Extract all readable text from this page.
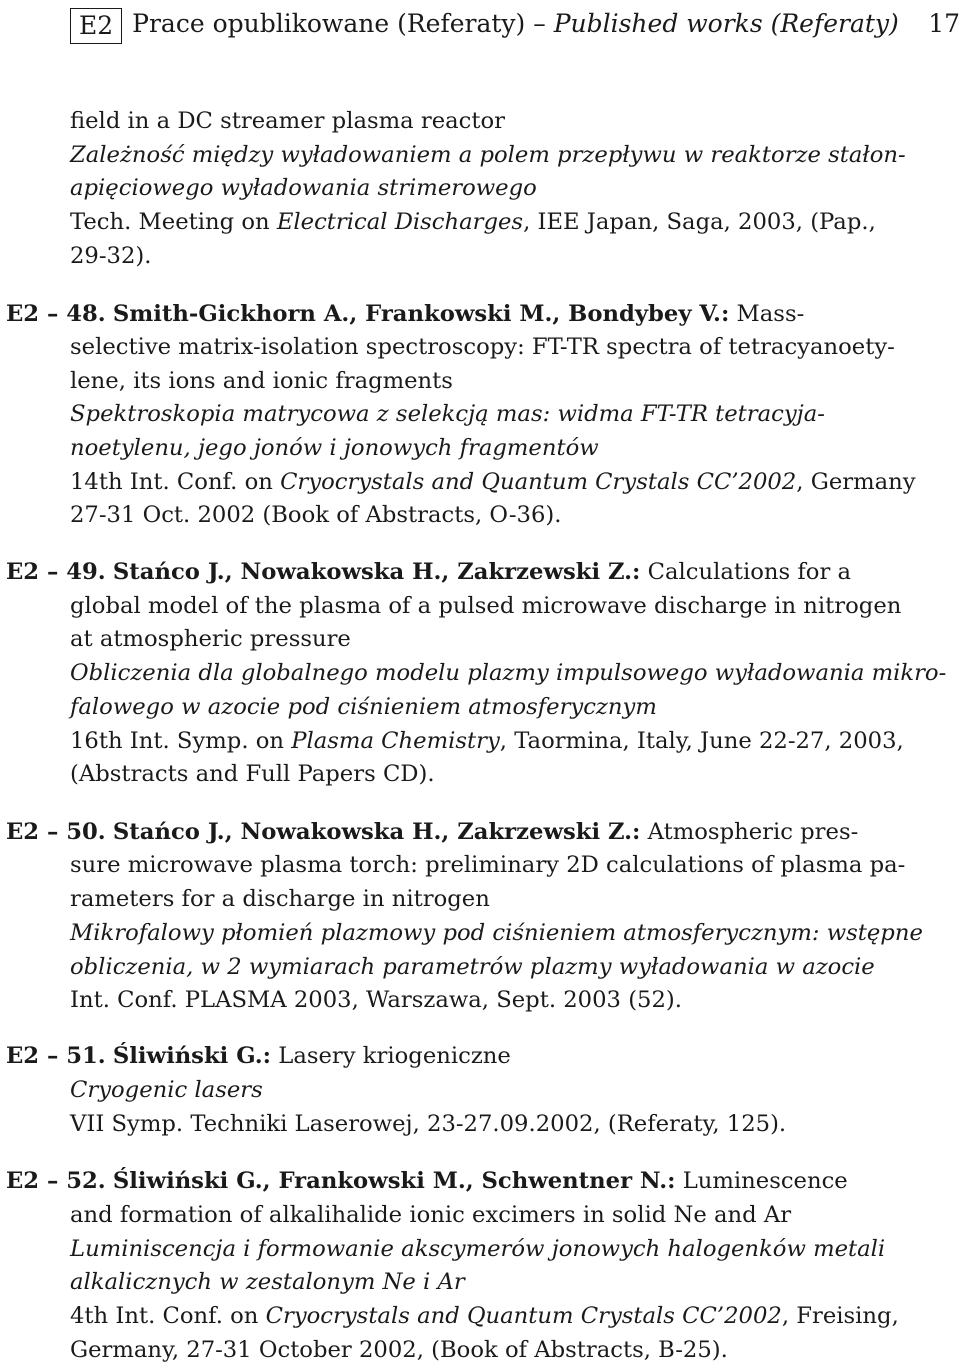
E2 Prace opublikowane (Referaty) – Published works (Referaty) 17
field in a DC streamer plasma reactor
Zależność między wyładowaniem a polem przepływu w reaktorze stałon-
apięciowego wyładowania strimerowego
Tech. Meeting on Electrical Discharges, IEE Japan, Saga, 2003, (Pap.,
29-32).
E2 – 48. Smith-Gickhorn A., Frankowski M., Bondybey V.: Mass-
selective matrix-isolation spectroscopy: FT-TR spectra of tetracyanoety-
lene, its ions and ionic fragments
Spektroskopia matrycowa z selekcją mas: widma FT-TR tetracyja-
noetylenu, jego jonów i jonowych fragmentów
14th Int. Conf. on Cryocrystals and Quantum Crystals CC’2002, Germany
27-31 Oct. 2002 (Book of Abstracts, O-36).
E2 – 49. Stańco J., Nowakowska H., Zakrzewski Z.: Calculations for a
global model of the plasma of a pulsed microwave discharge in nitrogen
at atmospheric pressure
Obliczenia dla globalnego modelu plazmy impulsowego wyładowania mikro-
falowego w azocie pod ciśnieniem atmosferycznym
16th Int. Symp. on Plasma Chemistry, Taormina, Italy, June 22-27, 2003,
(Abstracts and Full Papers CD).
E2 – 50. Stańco J., Nowakowska H., Zakrzewski Z.: Atmospheric pres-
sure microwave plasma torch: preliminary 2D calculations of plasma pa-
rameters for a discharge in nitrogen
Mikrofalowy płomień plazmowy pod ciśnieniem atmosferycznym: wstępne
obliczenia, w 2 wymiarach parametrów plazmy wyładowania w azocie
Int. Conf. PLASMA 2003, Warszawa, Sept. 2003 (52).
E2 – 51. Śliwiński G.: Lasery kriogeniczne
Cryogenic lasers
VII Symp. Techniki Laserowej, 23-27.09.2002, (Referaty, 125).
E2 – 52. Śliwiński G., Frankowski M., Schwentner N.: Luminescence
and formation of alkalihalide ionic excimers in solid Ne and Ar
Luminiscencja i formowanie akscymerów jonowych halogenków metali
alkalicznych w zestalonym Ne i Ar
4th Int. Conf. on Cryocrystals and Quantum Crystals CC’2002, Freising,
Germany, 27-31 October 2002, (Book of Abstracts, B-25).
